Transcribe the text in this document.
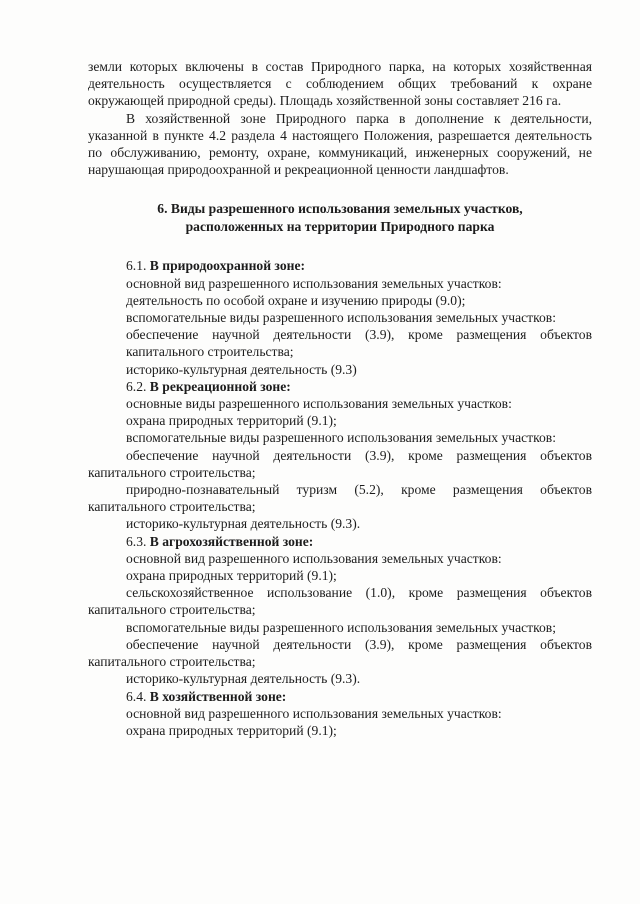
земли которых включены в состав Природного парка, на которых хозяйственная деятельность осуществляется с соблюдением общих требований к охране окружающей природной среды). Площадь хозяйственной зоны составляет 216 га.

В хозяйственной зоне Природного парка в дополнение к деятельности, указанной в пункте 4.2 раздела 4 настоящего Положения, разрешается деятельность по обслуживанию, ремонту, охране, коммуникаций, инженерных сооружений, не нарушающая природоохранной и рекреационной ценности ландшафтов.

6. Виды разрешенного использования земельных участков,
расположенных на территории Природного парка

6.1. В природоохранной зоне:

основной вид разрешенного использования земельных участков:

деятельность по особой охране и изучению природы (9.0);

вспомогательные виды разрешенного использования земельных участков:

обеспечение научной деятельности (3.9), кроме размещения объектов капитального строительства;

историко-культурная деятельность (9.3)

6.2. В рекреационной зоне:

основные виды разрешенного использования земельных участков:

охрана природных территорий (9.1);

вспомогательные виды разрешенного использования земельных участков:

обеспечение научной деятельности (3.9), кроме размещения объектов капитального строительства;

природно-познавательный туризм (5.2), кроме размещения объектов капитального строительства;

историко-культурная деятельность (9.3).

6.3. В агрохозяйственной зоне:

основной вид разрешенного использования земельных участков:

охрана природных территорий (9.1);

сельскохозяйственное использование (1.0), кроме размещения объектов капитального строительства;

вспомогательные виды разрешенного использования земельных участков;

обеспечение научной деятельности (3.9), кроме размещения объектов капитального строительства;

историко-культурная деятельность (9.3).

6.4. В хозяйственной зоне:

основной вид разрешенного использования земельных участков:

охрана природных территорий (9.1);
